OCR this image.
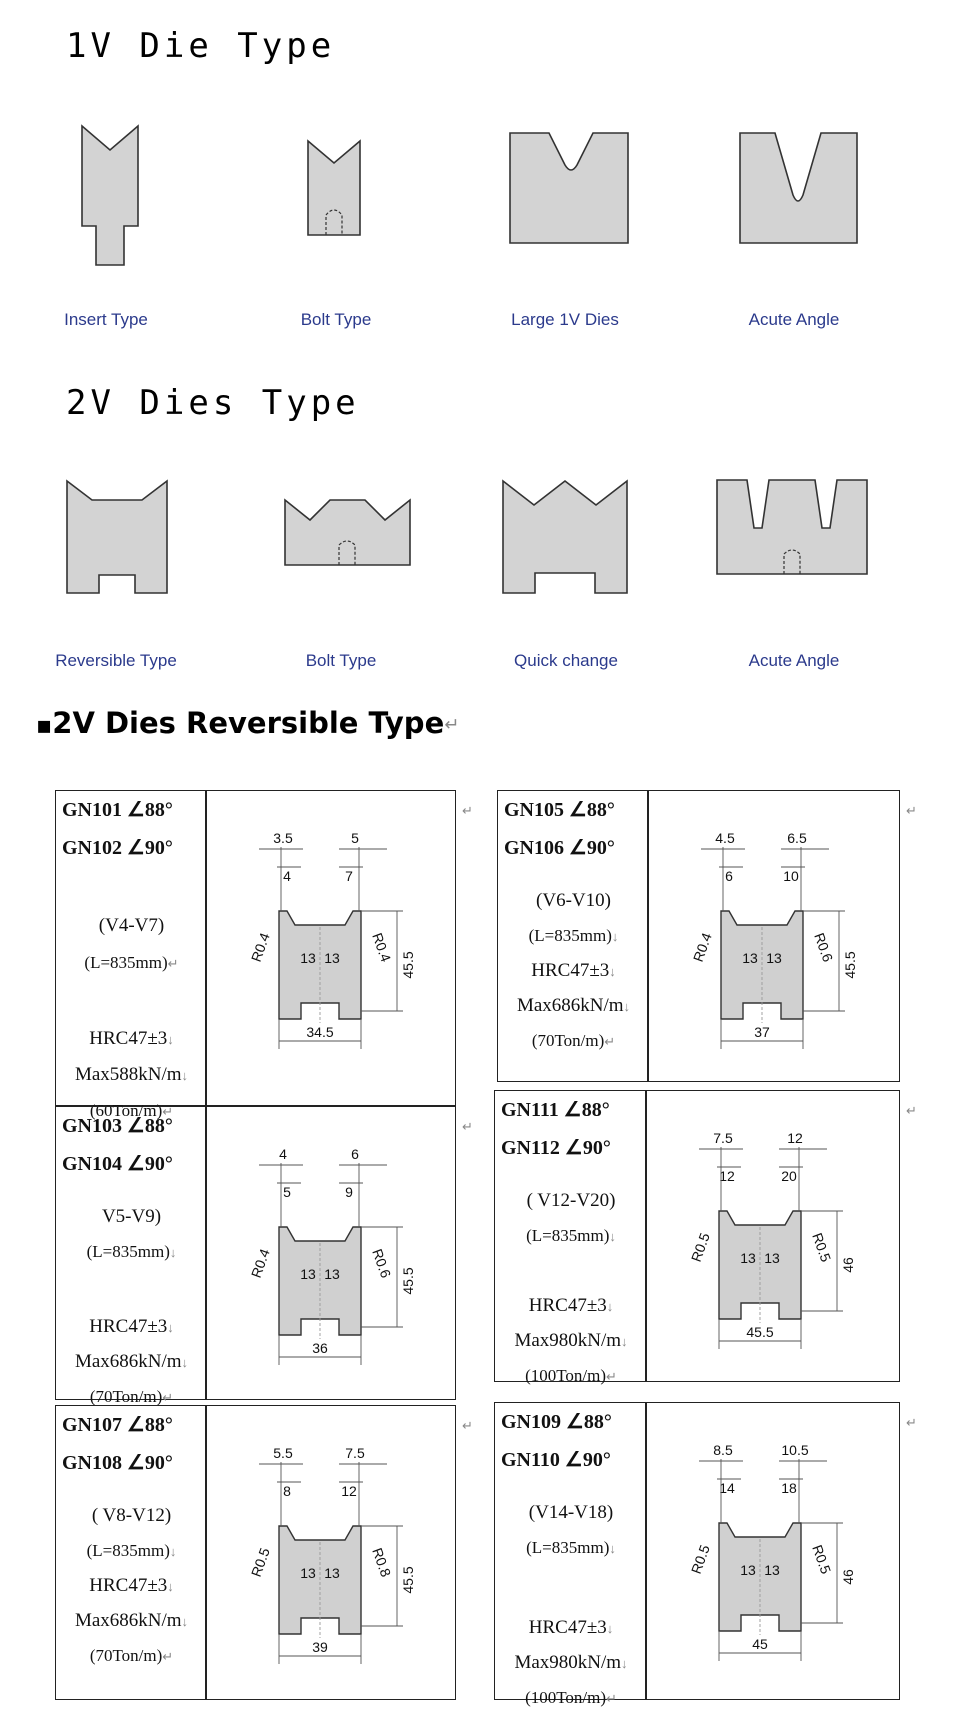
1V Die Type
Insert Type	Bolt Type	Large 1V Dies	Acute Angle
2V Dies Type
Reversible Type	Bolt Type	Quick change	Acute Angle
▪2V Dies Reversible Type↵
GN101 ∠88°
GN102 ∠90°
(V4-V7)
(L=835mm)↵
HRC47±3↓
Max588kN/m↓
(60Ton/m)↵
3.5	5
4	7
R0.4	R0.4
13 13	45.5
34.5
↵	GN105 ∠88°
GN106 ∠90°
(V6-V10)
(L=835mm)↓
HRC47±3↓
Max686kN/m↓
(70Ton/m)↵
4.5	6.5
6	10
R0.4	R0.6
13 13	45.5
37
↵
GN103 ∠88°
GN104 ∠90°
V5-V9)
(L=835mm)↓
HRC47±3↓
Max686kN/m↓
(70Ton/m)↵
4	6
5	9
R0.4	R0.6
13 13	45.5
36
↵
GN111 ∠88°
GN112 ∠90°
( V12-V20)
(L=835mm)↓
HRC47±3↓
Max980kN/m↓
(100Ton/m)↵
7.5	12
12	20
R0.5	R0.5
13 13	46
45.5
↵
GN107 ∠88°
GN108 ∠90°
( V8-V12)
(L=835mm)↓
HRC47±3↓
Max686kN/m↓
(70Ton/m)↵
5.5	7.5
8	12
R0.5	R0.8
13 13	45.5
39
↵	GN109 ∠88°
GN110 ∠90°
(V14-V18)
(L=835mm)↓
HRC47±3↓
Max980kN/m↓
(100Ton/m)↵
8.5	10.5
14	18
R0.5	R0.5
13 13	46
45
↵
